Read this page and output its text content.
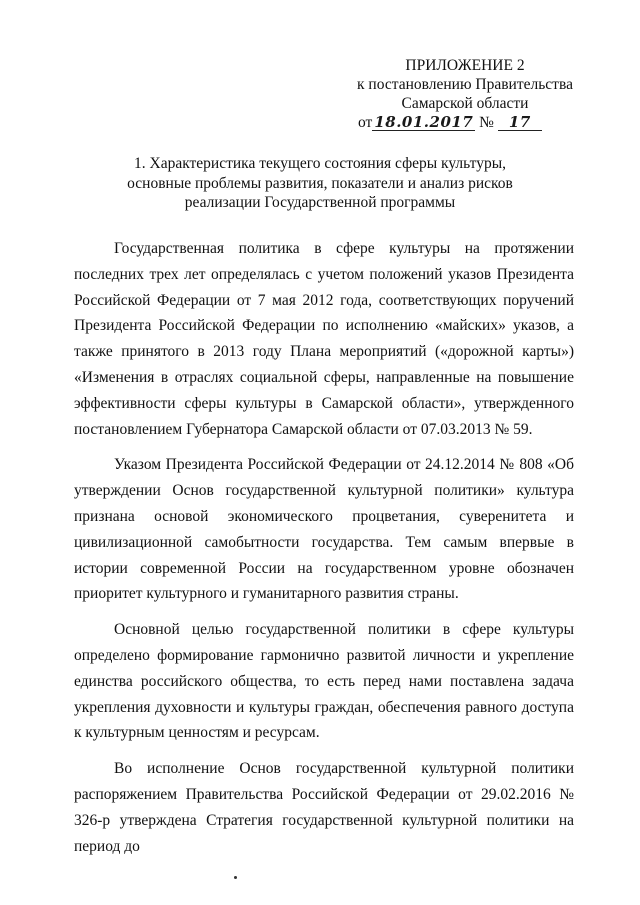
ПРИЛОЖЕНИЕ 2
к постановлению Правительства
Самарской области
от 18.01.2017 № 17
1. Характеристика текущего состояния сферы культуры,
основные проблемы развития, показатели и анализ рисков
реализации Государственной программы

Государственная политика в сфере культуры на протяжении последних трех лет определялась с учетом положений указов Президента Российской Федерации от 7 мая 2012 года, соответствующих поручений Президента Российской Федерации по исполнению «майских» указов, а также принятого в 2013 году Плана мероприятий («дорожной карты») «Изменения в отраслях социальной сферы, направленные на повышение эффективности сферы культуры в Самарской области», утвержденного постановлением Губернатора Самарской области от 07.03.2013 № 59.

Указом Президента Российской Федерации от 24.12.2014 № 808 «Об утверждении Основ государственной культурной политики» культура признана основой экономического процветания, суверенитета и цивилизационной самобытности государства. Тем самым впервые в истории современной России на государственном уровне обозначен приоритет культурного и гуманитарного развития страны.

Основной целью государственной политики в сфере культуры определено формирование гармонично развитой личности и укрепление единства российского общества, то есть перед нами поставлена задача укрепления духовности и культуры граждан, обеспечения равного доступа к культурным ценностям и ресурсам.

Во исполнение Основ государственной культурной политики распоряжением Правительства Российской Федерации от 29.02.2016 № 326-р утверждена Стратегия государственной культурной политики на период до
